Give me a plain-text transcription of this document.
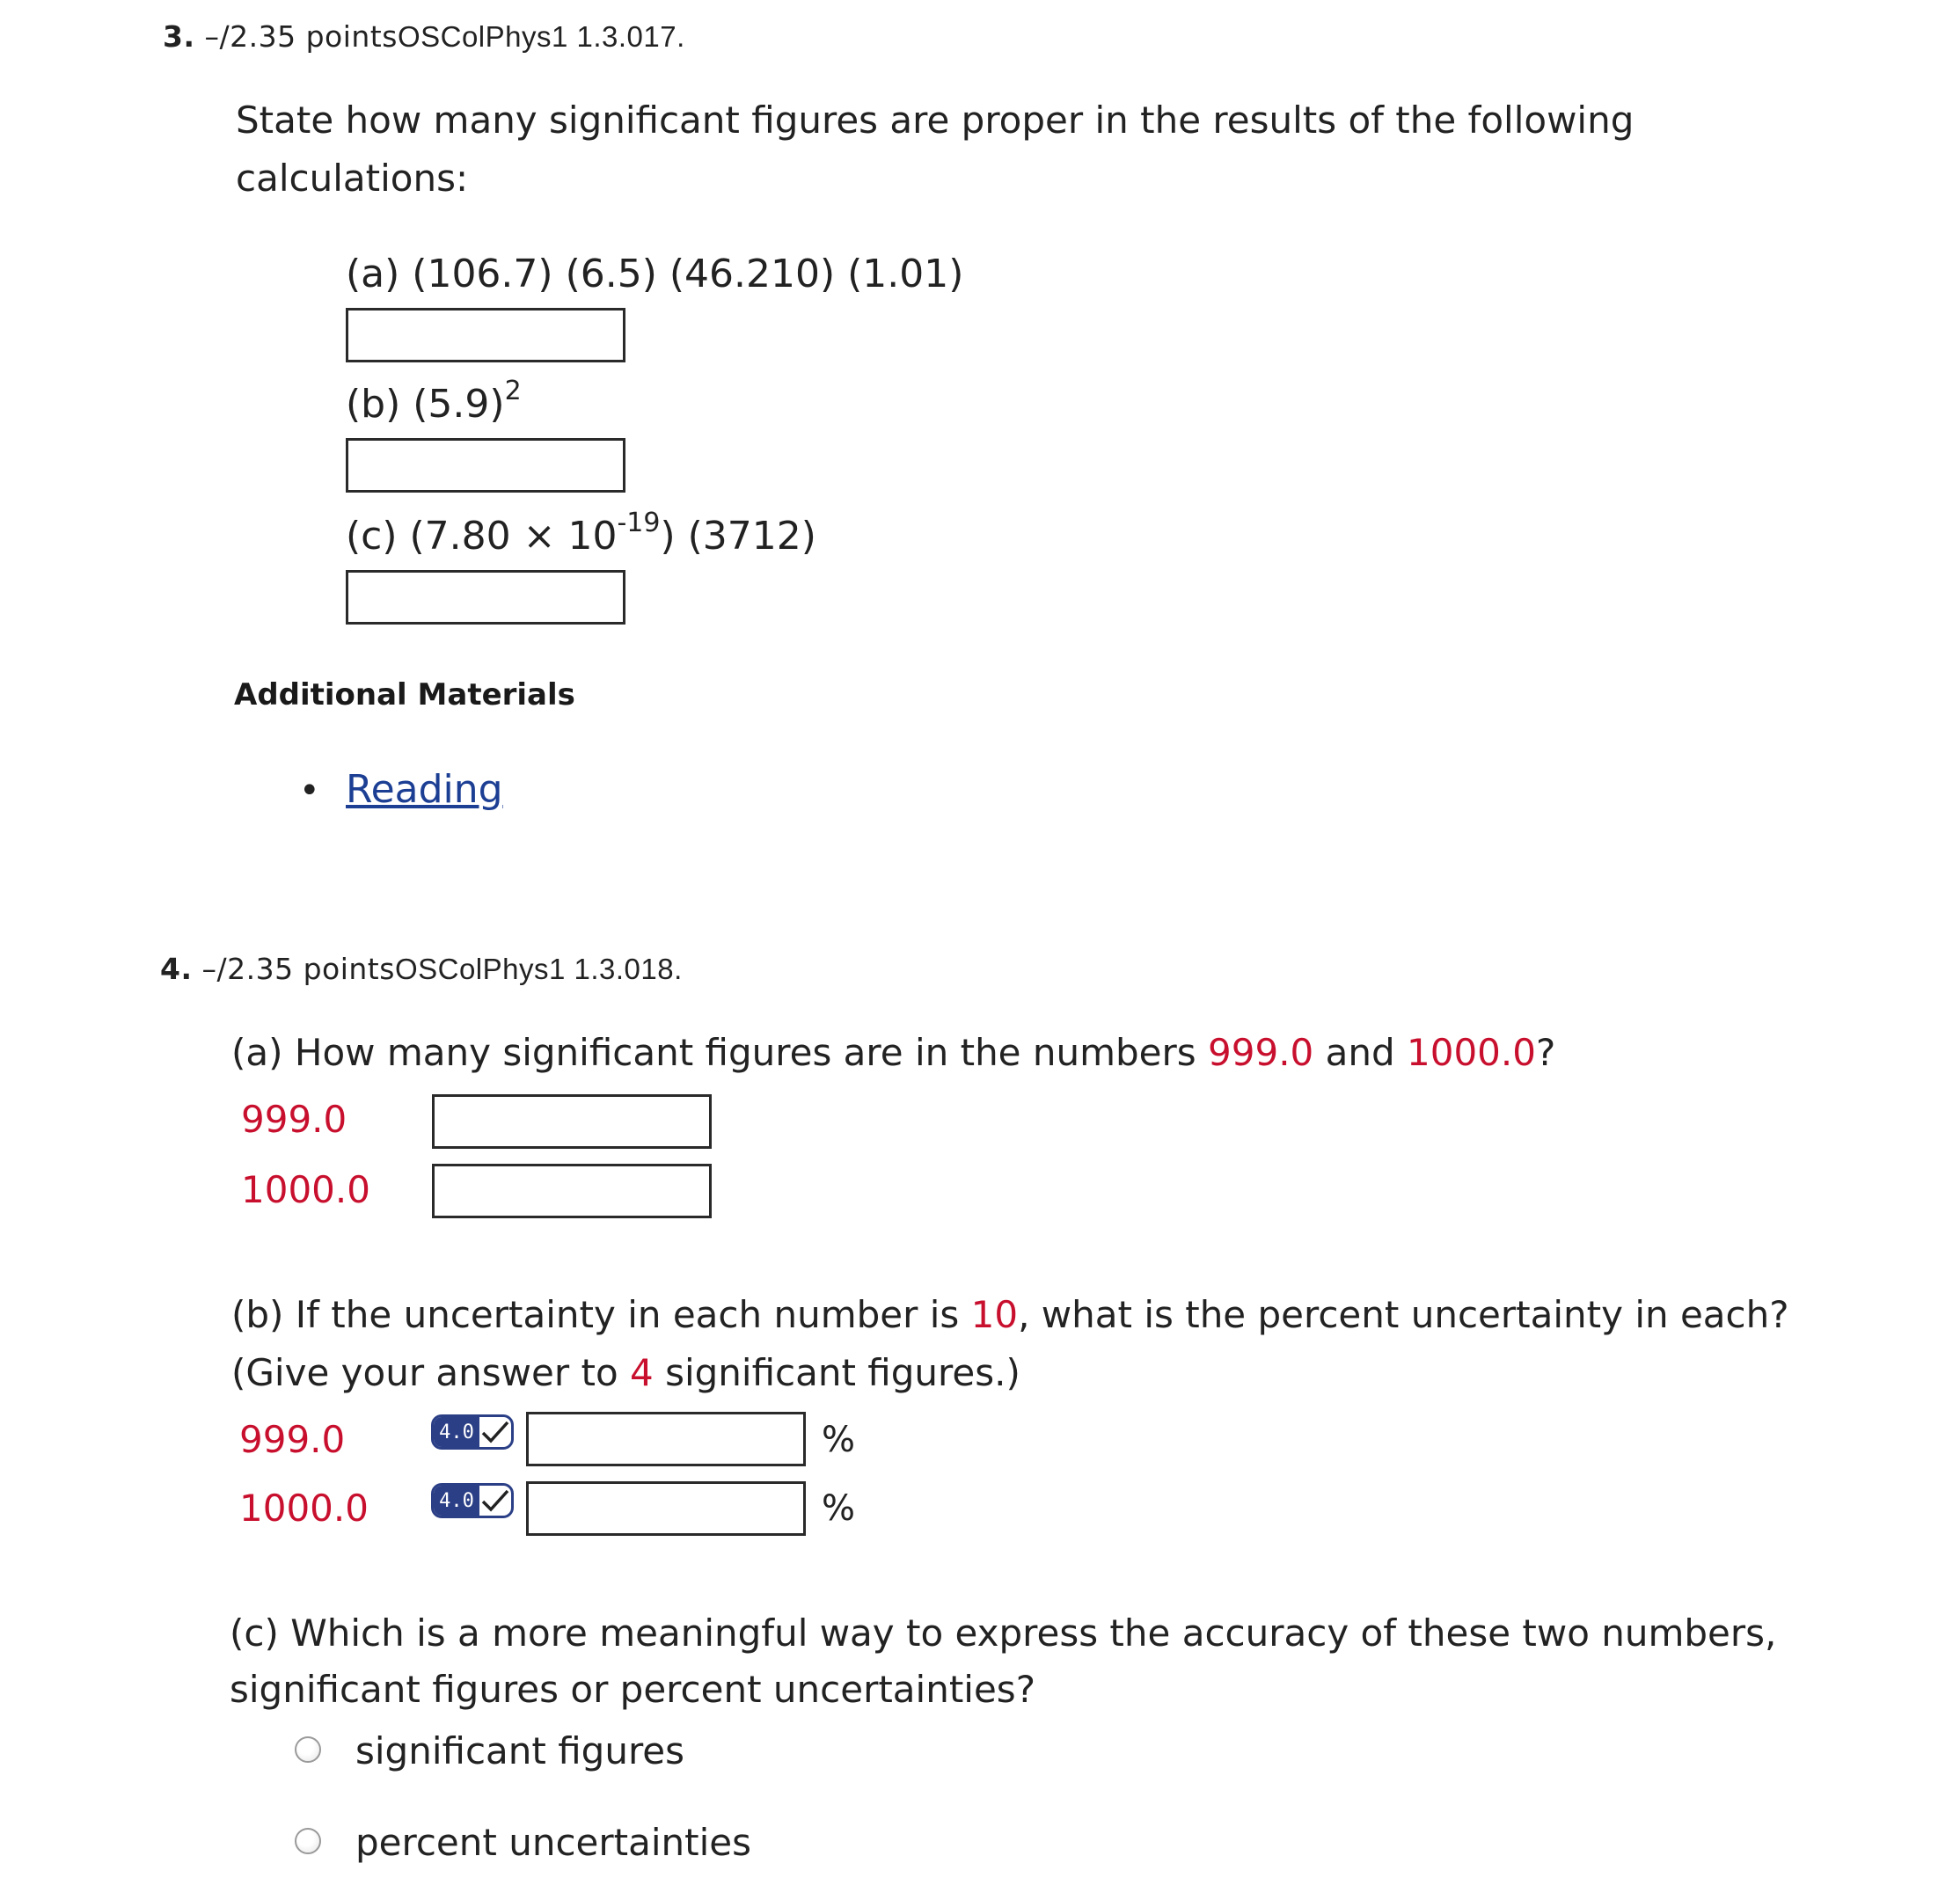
3. –/2.35 pointsOSColPhys1 1.3.017.
State how many significant figures are proper in the results of the following
calculations:
(a) (106.7) (6.5) (46.210) (1.01)
(b) $(5.9)^2$
(c) $(7.80 \times 10^{-19})$ (3712)
Additional Materials
• Reading
4. –/2.35 pointsOSColPhys1 1.3.018.
(a) How many significant figures are in the numbers 999.0 and 1000.0?
999.0
1000.0
(b) If the uncertainty in each number is 10, what is the percent uncertainty in each?
(Give your answer to 4 significant figures.)
999.0	4.0	%
1000.0	4.0	%
(c) Which is a more meaningful way to express the accuracy of these two numbers,
significant figures or percent uncertainties?
significant figures
percent uncertainties
